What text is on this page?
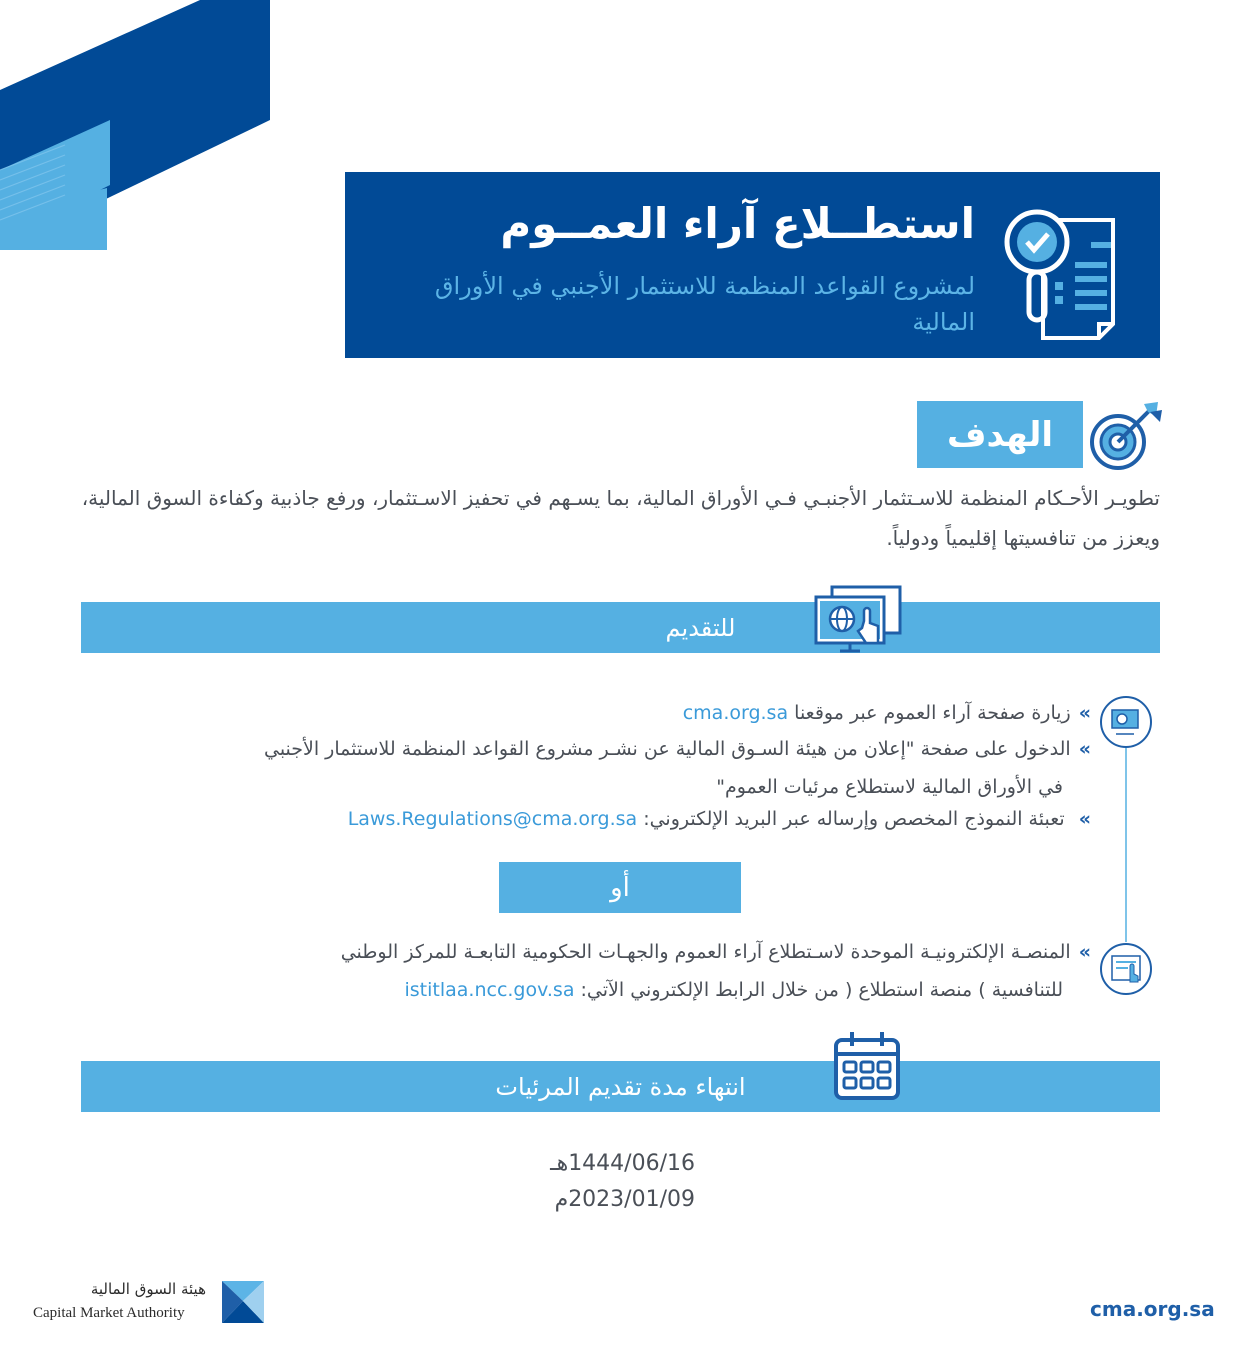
استطــلاع آراء العمــوم
لمشروع القواعد المنظمة للاستثمار الأجنبي في الأوراق المالية
الهدف
تطويـر الأحـكام المنظمة للاسـتثمار الأجنبـي فـي الأوراق المالية، بما يسـهم في تحفيز الاسـتثمار، ورفع جاذبية وكفاءة السوق المالية، ويعزز من تنافسيتها إقليمياً ودولياً.
للتقديم
»زيارة صفحة آراء العموم عبر موقعنا cma.org.sa
»الدخول على صفحة "إعلان من هيئة السـوق المالية عن نشـر مشروع القواعد المنظمة للاستثمار الأجنبي
في الأوراق المالية لاستطلاع مرئيات العموم"
» تعبئة النموذج المخصص وإرساله عبر البريد الإلكتروني: Laws.Regulations@cma.org.sa
أو
»المنصـة الإلكترونيـة الموحدة لاسـتطلاع آراء العموم والجهـات الحكومية التابعـة للمركز الوطني
للتنافسية ) منصة استطلاع ( من خلال الرابط الإلكتروني الآتي: istitlaa.ncc.gov.sa
انتهاء مدة تقديم المرئيات
1444/06/16هـ
2023/01/09م
هيئة السوق المالية
Capital Market Authority	cma.org.sa
